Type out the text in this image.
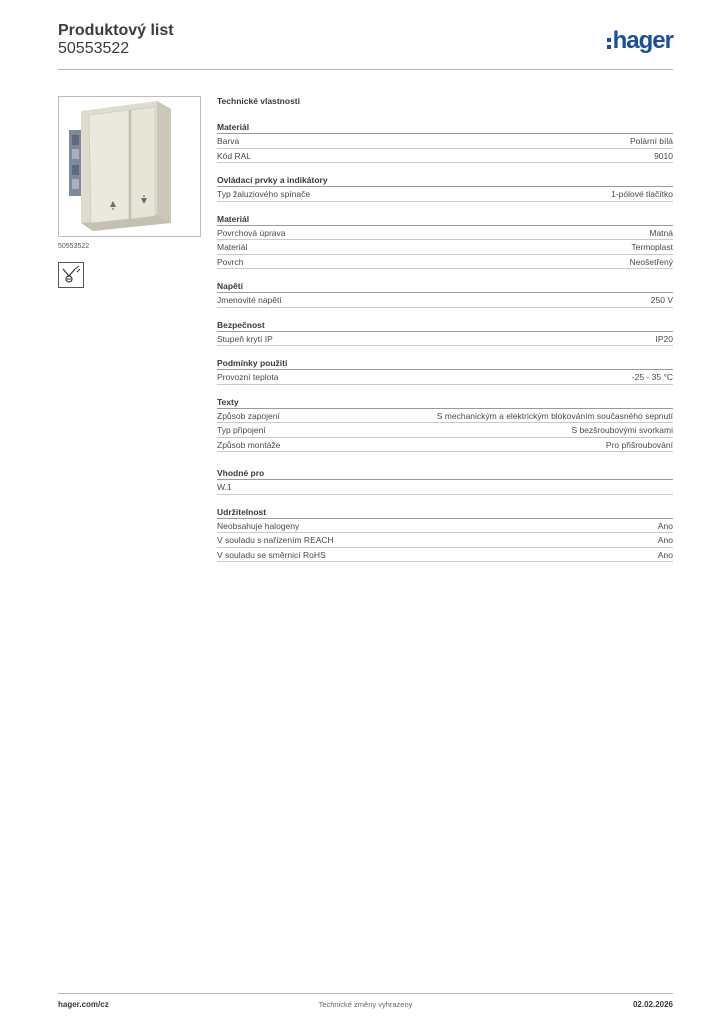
Produktový list
50553522	hager
50553522
Technické vlastnosti
Materiál
Barva	Polární bílá
Kód RAL	9010
Ovládací prvky a indikátory
Typ žaluziového spínače	1-pólové tlačítko
Materiál
Povrchová úprava	Matná
Materiál	Termoplast
Povrch	Neošetřený
Napětí
Jmenovité napětí	250 V
Bezpečnost
Stupeň krytí IP	IP20
Podmínky použití
Provozní teplota	-25 - 35 °C
Texty
Způsob zapojení	S mechanickým a elektrickým blokováním současného sepnutí
Typ připojení	S bezšroubovými svorkami
Způsob montáže	Pro přišroubování
Vhodné pro
W.1
Udržitelnost
Neobsahuje halogeny	Ano
V souladu s nařízením REACH	Ano
V souladu se směrnicí RoHS	Ano
hager.com/cz	Technické změny vyhrazeny	02.02.2026
